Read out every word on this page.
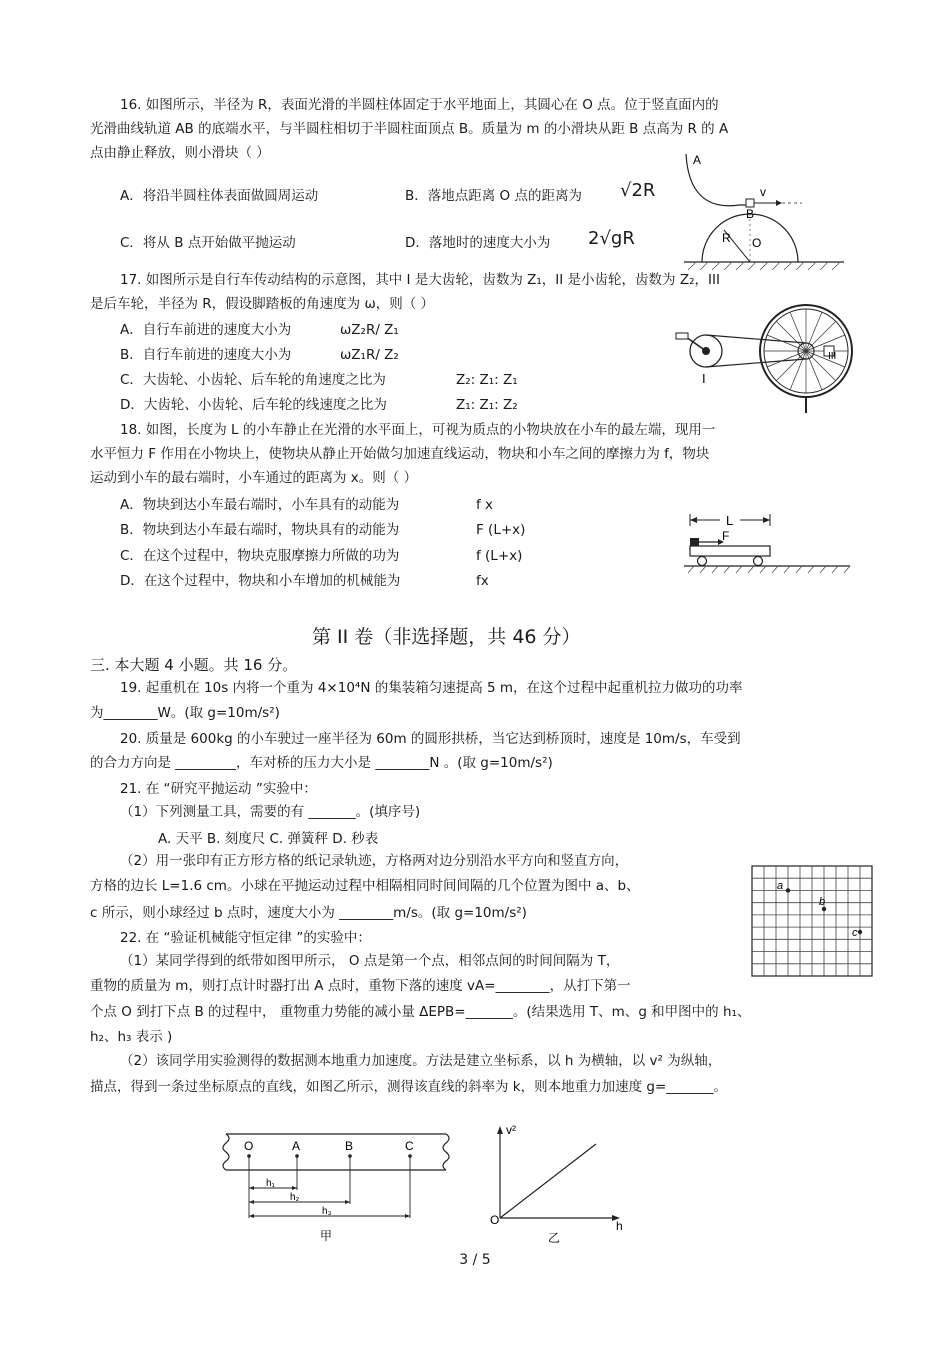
16. 如图所示，半径为 R，表面光滑的半圆柱体固定于水平地面上，其圆心在 O 点。位于竖直面内的
光滑曲线轨道 AB 的底端水平，与半圆柱相切于半圆柱面顶点 B。质量为 m 的小滑块从距 B 点高为 R 的 A
点由静止释放，则小滑块（ ）
A．将沿半圆柱体表面做圆周运动	B．落地点距离 O 点的距离为 √2R
C．将从 B 点开始做平抛运动	D．落地时的速度大小为 2√gR
A
v
B
R O
17. 如图所示是自行车传动结构的示意图，其中 I 是大齿轮，齿数为 Z₁，II 是小齿轮，齿数为 Z₂，III
是后车轮，半径为 R，假设脚踏板的角速度为 ω，则（ ）
A．自行车前进的速度大小为	ωZ₂R/ Z₁
B．自行车前进的速度大小为	ωZ₁R/ Z₂
C．大齿轮、小齿轮、后车轮的角速度之比为	Z₂: Z₁: Z₁
D．大齿轮、小齿轮、后车轮的线速度之比为	Z₁: Z₁: Z₂
I
III
18. 如图，长度为 L 的小车静止在光滑的水平面上，可视为质点的小物块放在小车的最左端，现用一
水平恒力 F 作用在小物块上，使物块从静止开始做匀加速直线运动，物块和小车之间的摩擦力为 f，物块
运动到小车的最右端时，小车通过的距离为 x。则（ ）
A．物块到达小车最右端时，小车具有的动能为	f x
B．物块到达小车最右端时，物块具有的动能为	F (L+x)
C．在这个过程中，物块克服摩擦力所做的功为	f (L+x)
D．在这个过程中，物块和小车增加的机械能为	fx
L
F
第 II 卷（非选择题，共 46 分）
三. 本大题 4 小题。共 16 分。
19. 起重机在 10s 内将一个重为 4×10⁴N 的集装箱匀速提高 5 m，在这个过程中起重机拉力做功的功率
为________W。(取 g=10m/s²)
20. 质量是 600kg 的小车驶过一座半径为 60m 的圆形拱桥，当它达到桥顶时，速度是 10m/s，车受到
的合力方向是 _________，车对桥的压力大小是 ________N 。(取 g=10m/s²)
21. 在 “研究平抛运动 ”实验中：
（1）下列测量工具，需要的有 _______。(填序号)
A. 天平 B. 刻度尺 C. 弹簧秤 D. 秒表
（2）用一张印有正方形方格的纸记录轨迹，方格两对边分别沿水平方向和竖直方向，
方格的边长 L=1.6 cm。小球在平抛运动过程中相隔相同时间间隔的几个位置为图中 a、b、
c 所示，则小球经过 b 点时，速度大小为 ________m/s。(取 g=10m/s²)
a
b
c
22. 在 “验证机械能守恒定律 ”的实验中：
（1）某同学得到的纸带如图甲所示， O 点是第一个点，相邻点间的时间间隔为 T，
重物的质量为 m，则打点计时器打出 A 点时，重物下落的速度 vA=________，从打下第一
个点 O 到打下点 B 的过程中， 重物重力势能的减小量 ΔEPB=_______。(结果选用 T、m、g 和甲图中的 h₁、
h₂、h₃ 表示 )
（2）该同学用实验测得的数据测本地重力加速度。方法是建立坐标系，以 h 为横轴，以 v² 为纵轴，
描点，得到一条过坐标原点的直线，如图乙所示，测得该直线的斜率为 k，则本地重力加速度 g=_______。
O	A	B	C
h₁
h₂
h₃
甲
v²
O	h
乙
3 / 5
